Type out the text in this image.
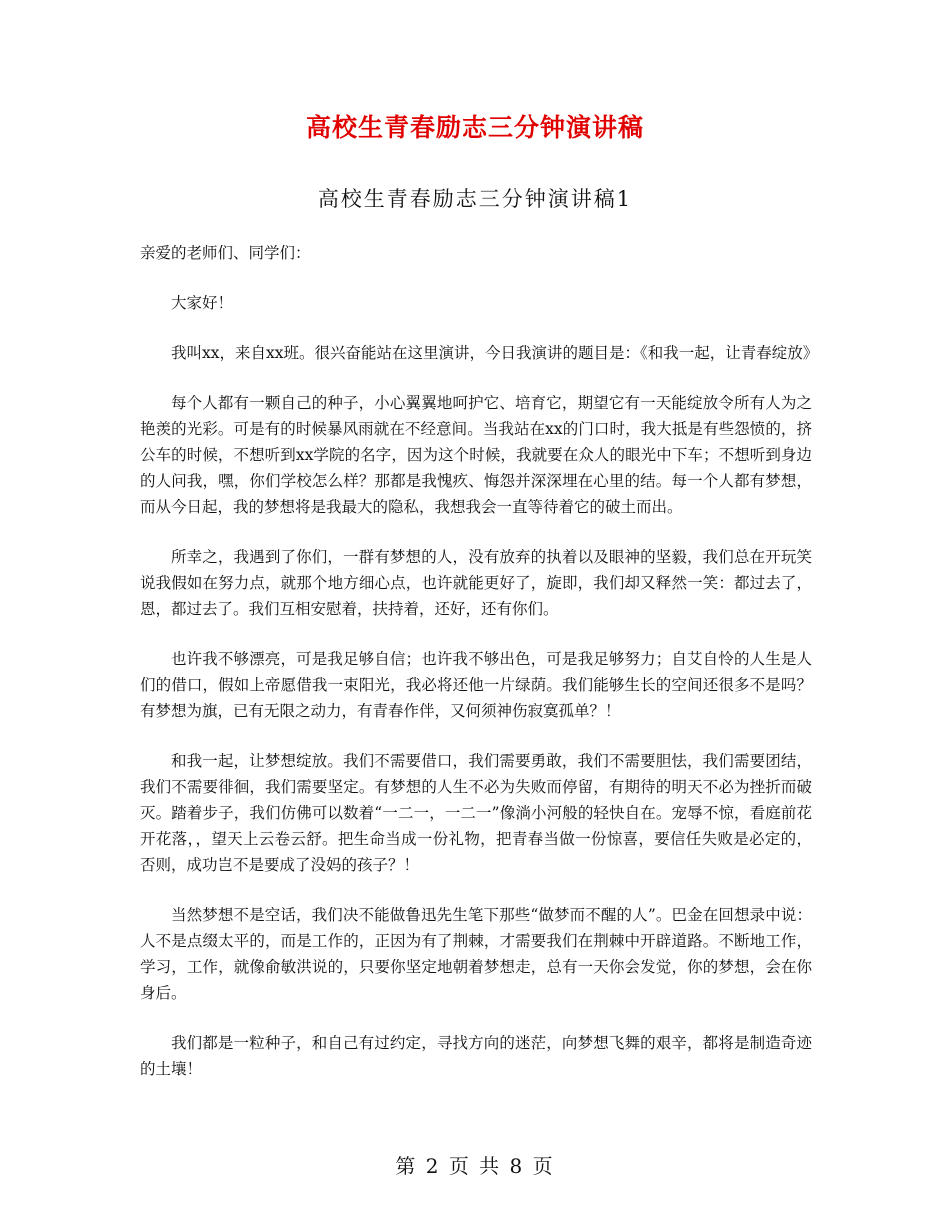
高校生青春励志三分钟演讲稿
高校生青春励志三分钟演讲稿1

亲爱的老师们、同学们：

大家好！

我叫xx，来自xx班。很兴奋能站在这里演讲，今日我演讲的题目是：《和我一起，让青春绽放》

每个人都有一颗自己的种子，小心翼翼地呵护它、培育它，期望它有一天能绽放令所有人为之艳羡的光彩。可是有的时候暴风雨就在不经意间。当我站在xx的门口时，我大抵是有些怨愤的，挤公车的时候，不想听到xx学院的名字，因为这个时候，我就要在众人的眼光中下车；不想听到身边的人问我，嘿，你们学校怎么样？那都是我愧疚、悔怨并深深埋在心里的结。每一个人都有梦想，而从今日起，我的梦想将是我最大的隐私，我想我会一直等待着它的破土而出。

所幸之，我遇到了你们，一群有梦想的人，没有放弃的执着以及眼神的坚毅，我们总在开玩笑说我假如在努力点，就那个地方细心点，也许就能更好了，旋即，我们却又释然一笑：都过去了，恩，都过去了。我们互相安慰着，扶持着，还好，还有你们。

也许我不够漂亮，可是我足够自信；也许我不够出色，可是我足够努力；自艾自怜的人生是人们的借口，假如上帝愿借我一束阳光，我必将还他一片绿荫。我们能够生长的空间还很多不是吗？有梦想为旗，已有无限之动力，有青春作伴，又何须神伤寂寞孤单？！

和我一起，让梦想绽放。我们不需要借口，我们需要勇敢，我们不需要胆怯，我们需要团结，我们不需要徘徊，我们需要坚定。有梦想的人生不必为失败而停留，有期待的明天不必为挫折而破灭。踏着步子，我们仿佛可以数着“一二一，一二一”像淌小河般的轻快自在。宠辱不惊，看庭前花开花落，，望天上云卷云舒。把生命当成一份礼物，把青春当做一份惊喜，要信任失败是必定的，否则，成功岂不是要成了没妈的孩子？！

当然梦想不是空话，我们决不能做鲁迅先生笔下那些“做梦而不醒的人”。巴金在回想录中说：人不是点缀太平的，而是工作的，正因为有了荆棘，才需要我们在荆棘中开辟道路。不断地工作，学习，工作，就像俞敏洪说的，只要你坚定地朝着梦想走，总有一天你会发觉，你的梦想，会在你身后。

我们都是一粒种子，和自己有过约定，寻找方向的迷茫，向梦想飞舞的艰辛，都将是制造奇迹的土壤！

第 2 页 共 8 页
